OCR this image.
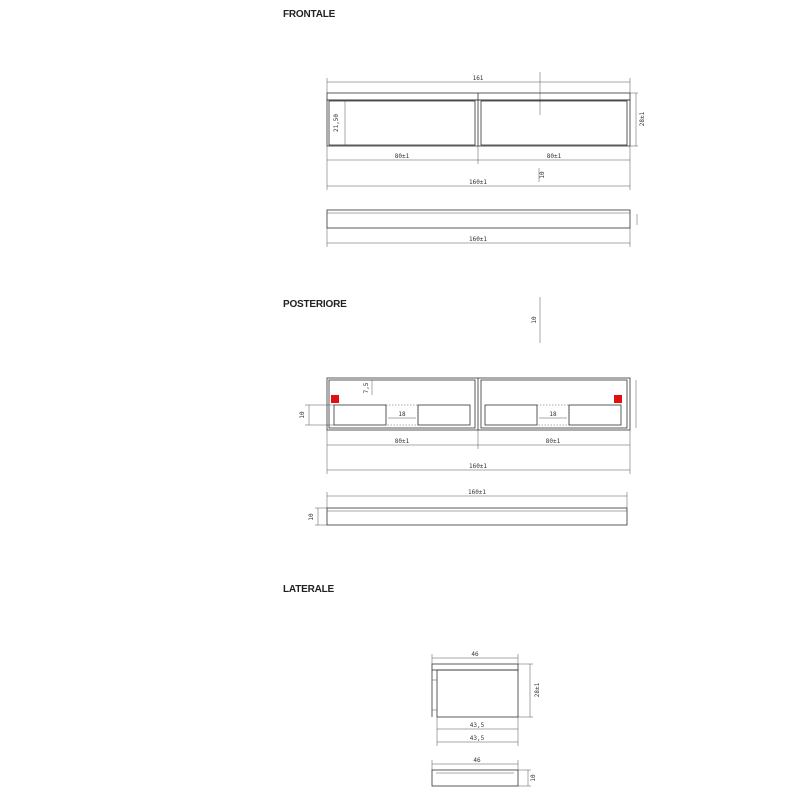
FRONTALE
POSTERIORE
LATERALE
161
21,50	28±1
80±1	80±1
160±1
10
160±1
10
7,5
18	18
10
80±1	80±1
160±1
160±1
10
46
28±1
43,5
43,5
46
10
